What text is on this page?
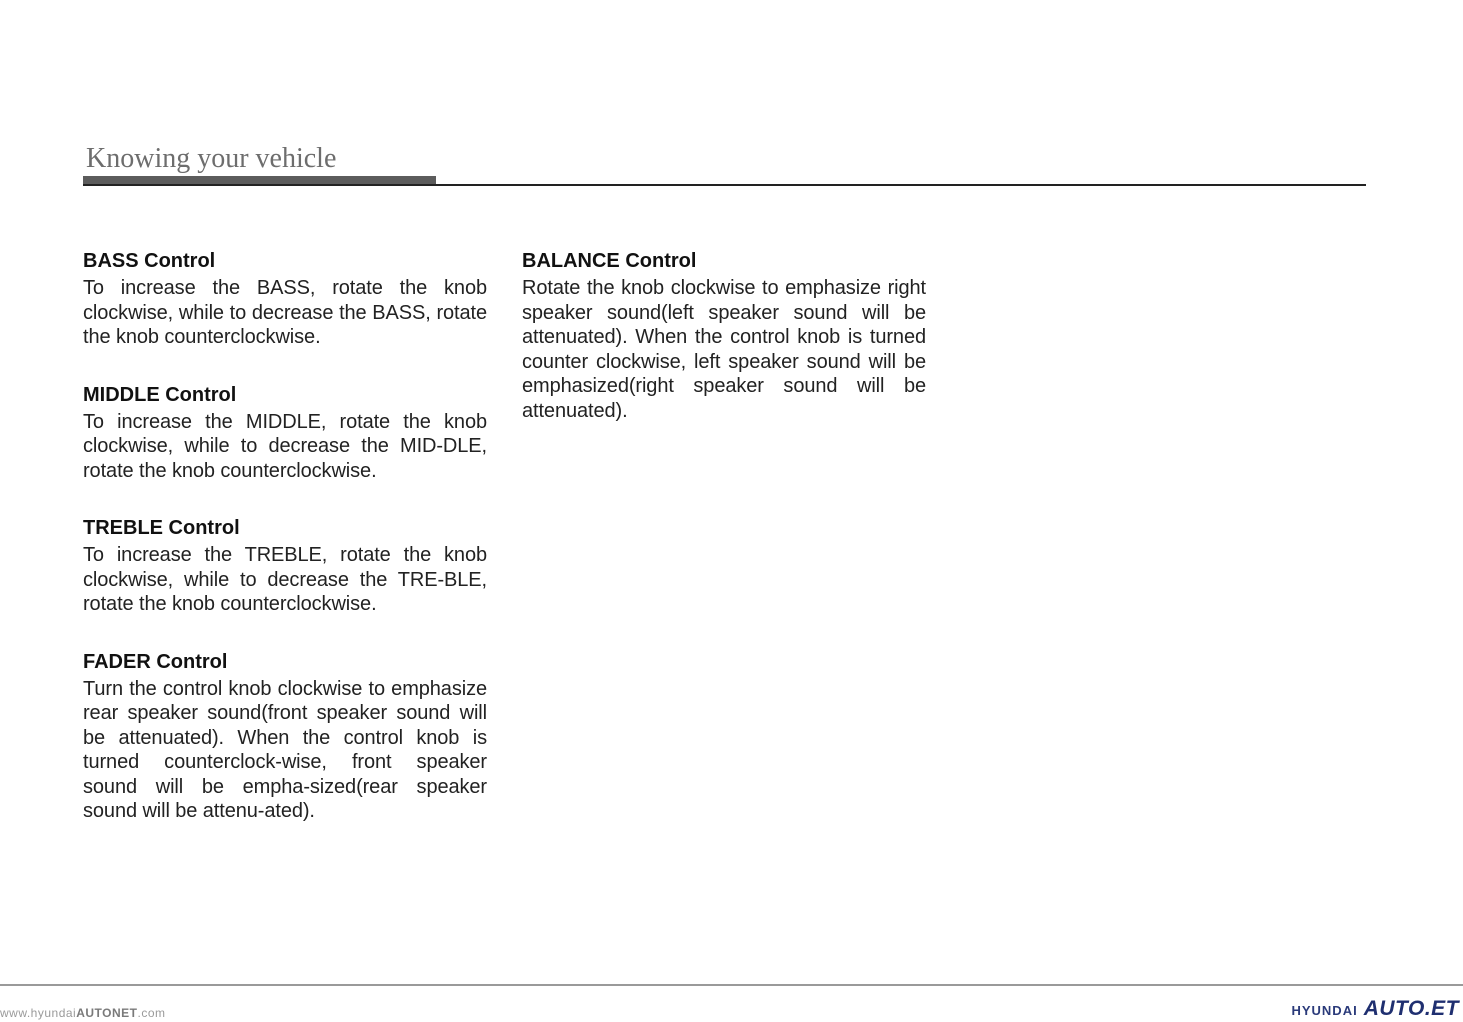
Knowing your vehicle
BASS Control

To increase the BASS, rotate the knob clockwise, while to decrease the BASS, rotate the knob counterclockwise.

MIDDLE Control

To increase the MIDDLE, rotate the knob clockwise, while to decrease the MID-DLE, rotate the knob counterclockwise.

TREBLE Control

To increase the TREBLE, rotate the knob clockwise, while to decrease the TRE-BLE, rotate the knob counterclockwise.

FADER Control

Turn the control knob clockwise to emphasize rear speaker sound(front speaker sound will be attenuated). When the control knob is turned counterclock-wise, front speaker sound will be empha-sized(rear speaker sound will be attenu-ated).

BALANCE Control

Rotate the knob clockwise to emphasize right speaker sound(left speaker sound will be attenuated). When the control knob is turned counter clockwise, left speaker sound will be emphasized(right speaker sound will be attenuated).

www.hyundaiAUTONET.com	HYUNDAI AUTO.ET
